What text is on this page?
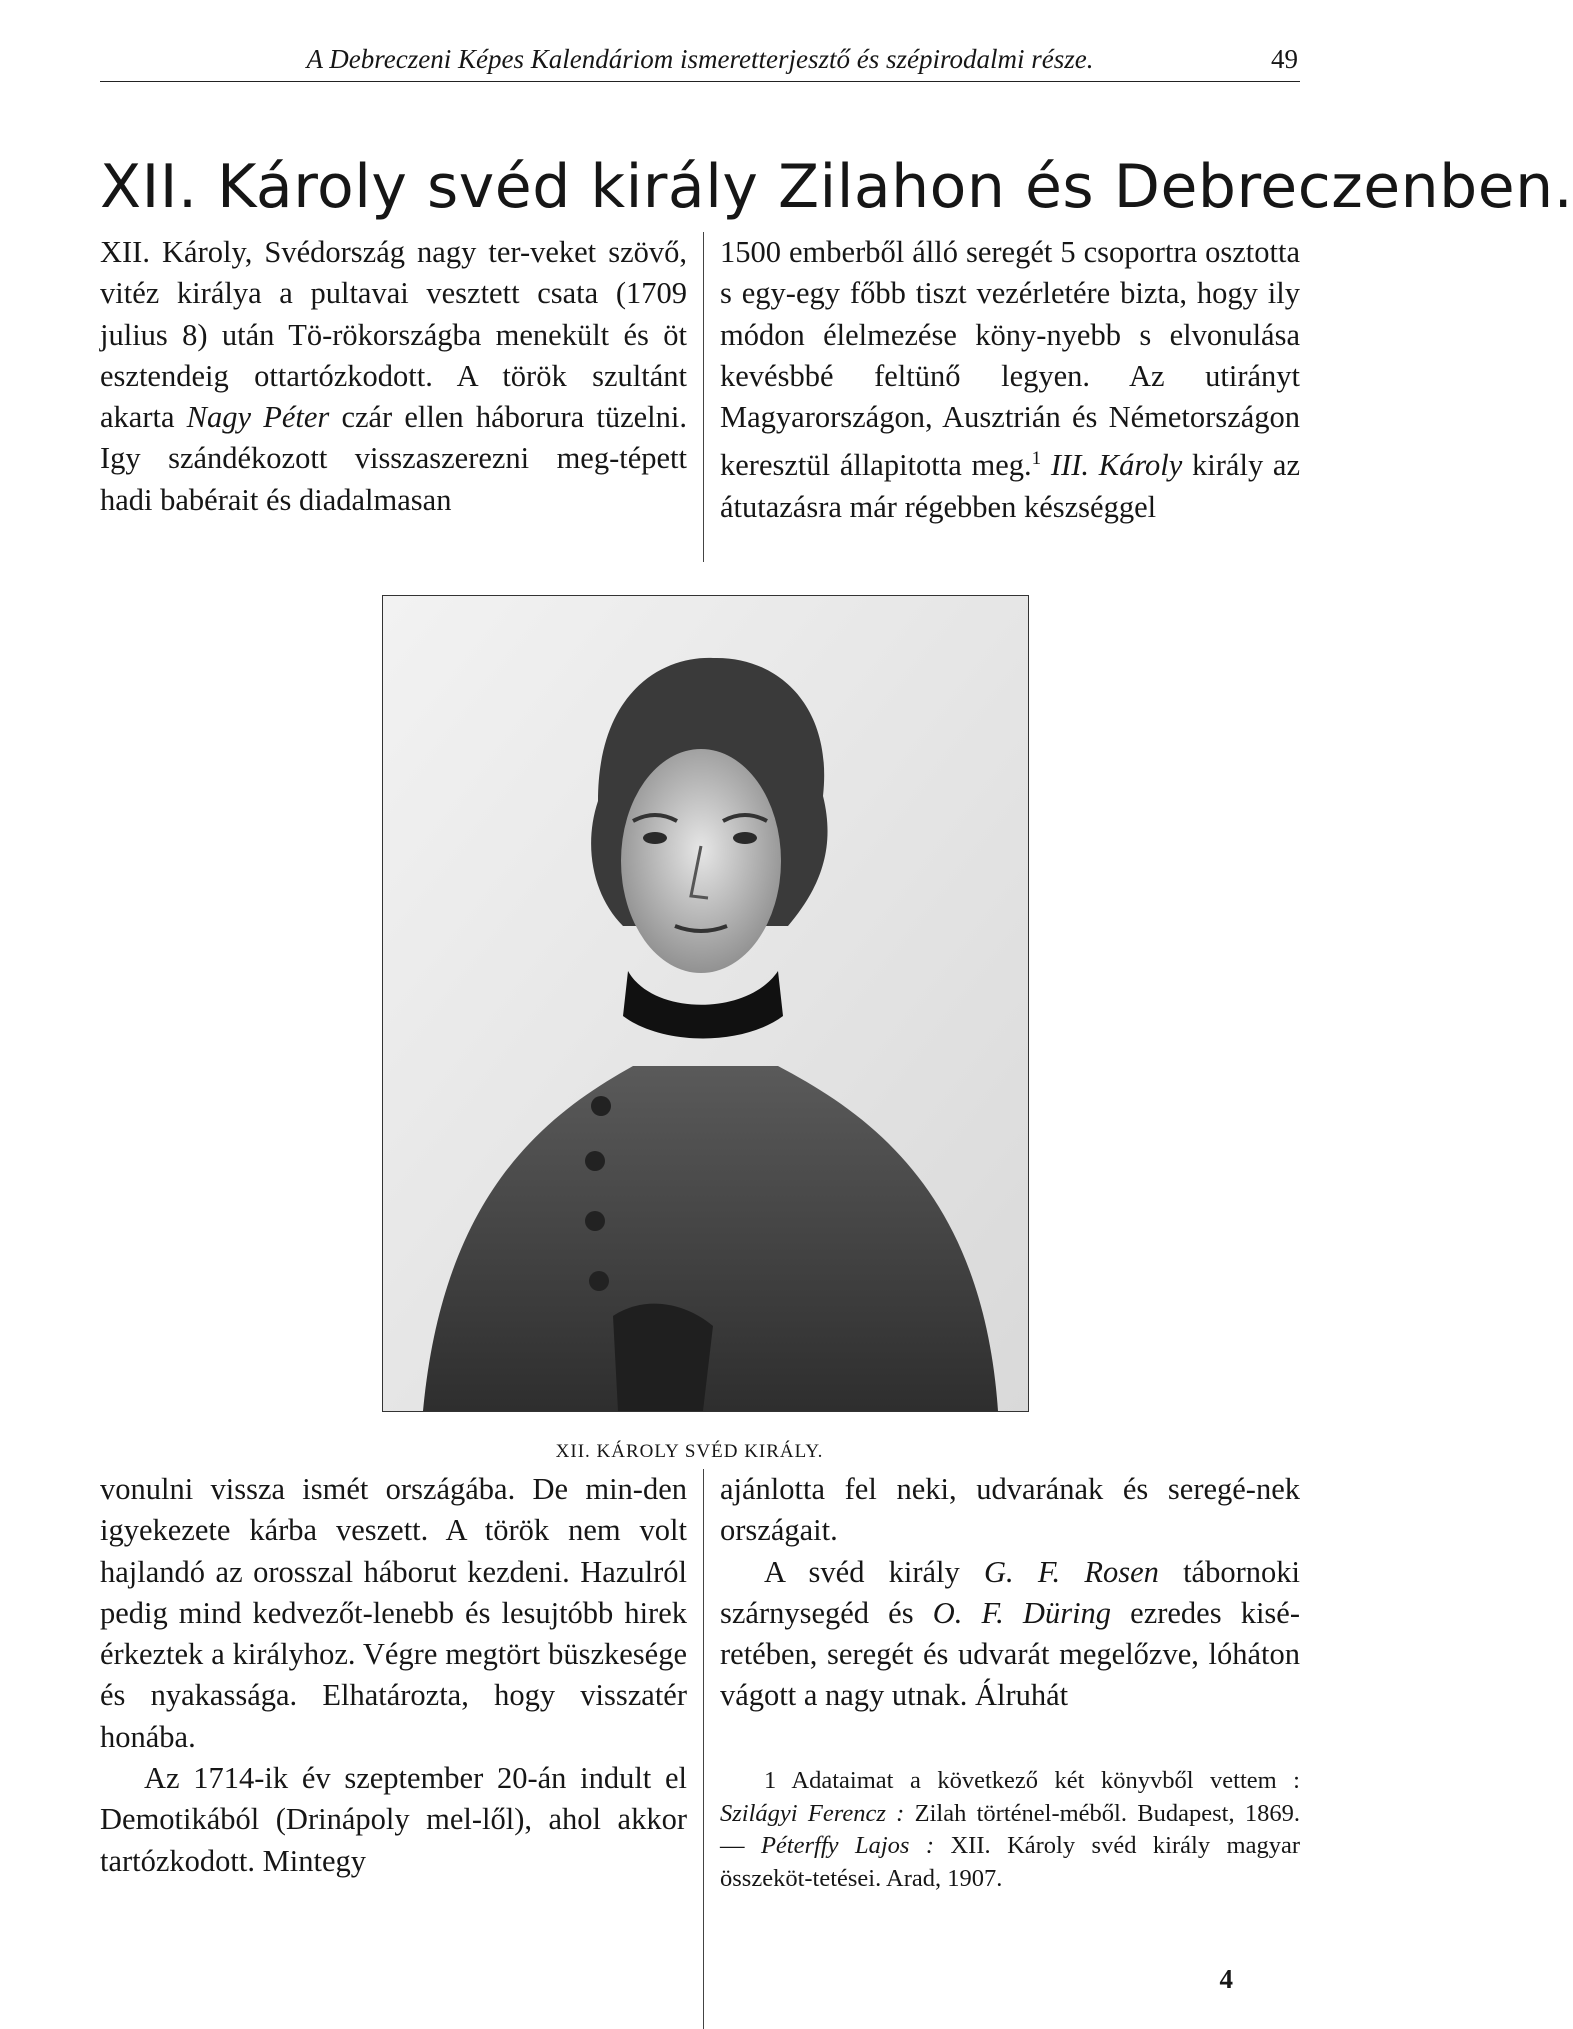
A Debreczeni Képes Kalendáriom ismeretterjesztő és szépirodalmi része.	49
XII. Károly svéd király Zilahon és Debreczenben.

XII. Károly, Svédország nagy ter-veket szövő, vitéz királya a pultavai vesztett csata (1709 julius 8) után Tö-rökországba menekült és öt esztendeig ottartózkodott. A török szultánt akarta Nagy Péter czár ellen háborura tüzelni. Igy szándékozott visszaszerezni meg-tépett hadi babérait és diadalmasan

1500 emberből álló seregét 5 csoportra osztotta s egy-egy főbb tiszt vezérletére bizta, hogy ily módon élelmezése köny-nyebb s elvonulása kevésbbé feltünő legyen. Az utirányt Magyarországon, Ausztrián és Németországon keresztül állapitotta meg.$^1$ III. Károly király az átutazásra már régebben készséggel

XII. KÁROLY SVÉD KIRÁLY.

vonulni vissza ismét országába. De min-den igyekezete kárba veszett. A török nem volt hajlandó az orosszal háborut kezdeni. Hazulról pedig mind kedvezőt-lenebb és lesujtóbb hirek érkeztek a királyhoz. Végre megtört büszkesége és nyakassága. Elhatározta, hogy visszatér honába.

Az 1714-ik év szeptember 20-án indult el Demotikából (Drinápoly mel-lől), ahol akkor tartózkodott. Mintegy

ajánlotta fel neki, udvarának és seregé-nek országait.

A svéd király G. F. Rosen tábornoki szárnysegéd és O. F. Düring ezredes kisé-retében, seregét és udvarát megelőzve, lóháton vágott a nagy utnak. Álruhát

1 Adataimat a következő két könyvből vettem : Szilágyi Ferencz : Zilah történel-méből. Budapest, 1869. — Péterffy Lajos : XII. Károly svéd király magyar összeköt-tetései. Arad, 1907.
4
